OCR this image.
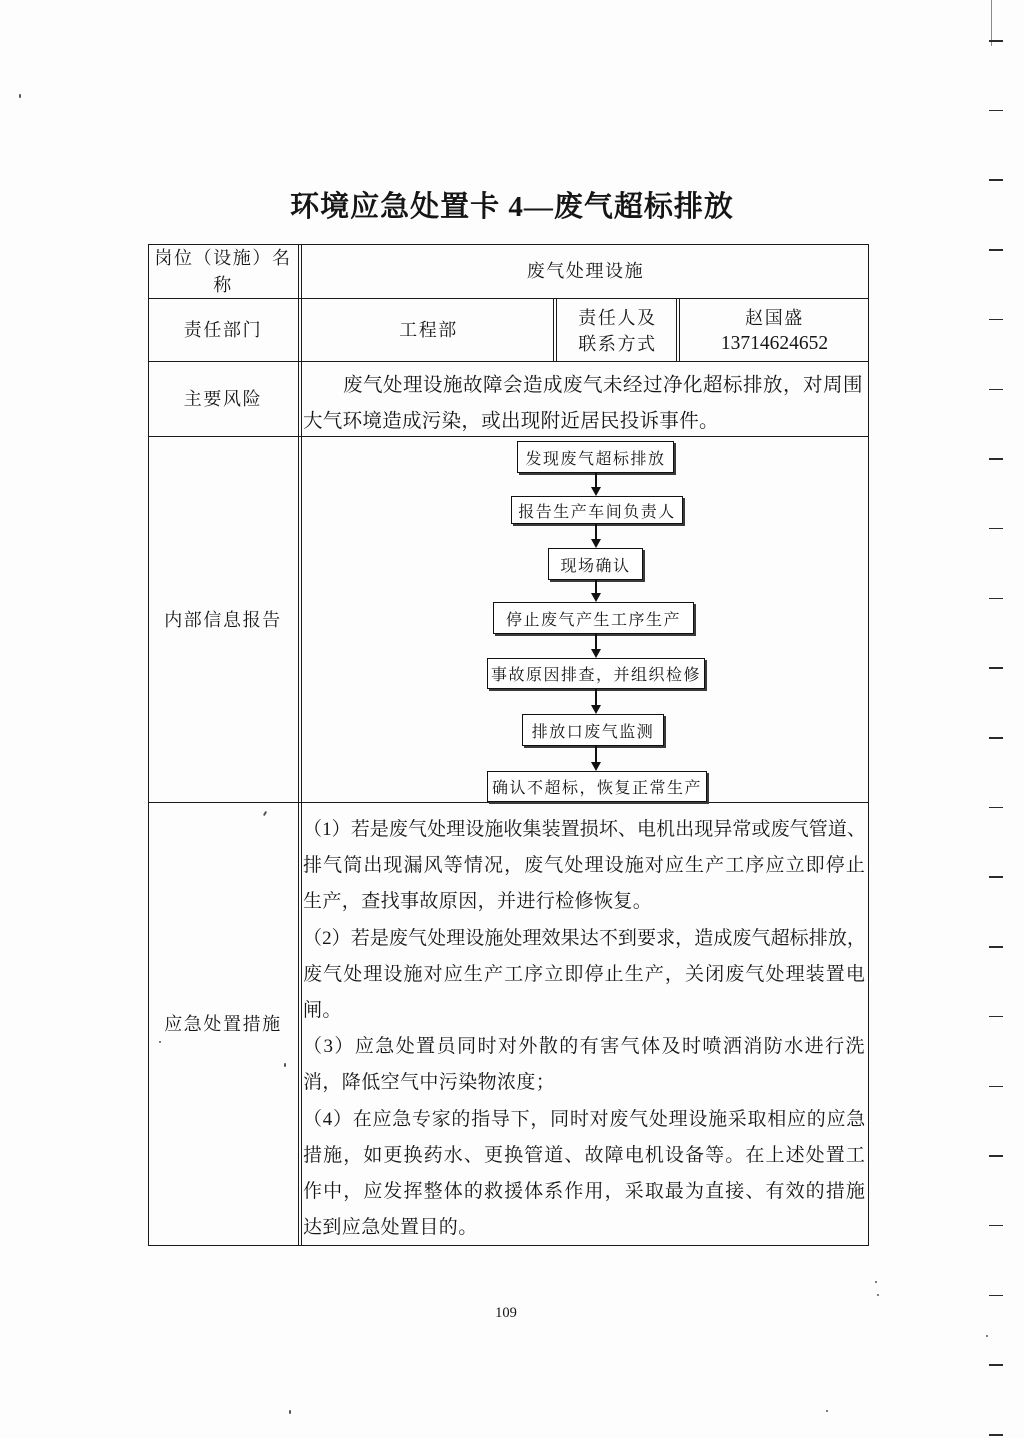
环境应急处置卡 4—废气超标排放
岗位（设施）名
称
废气处理设施
责任部门	工程部
责任人及
联系方式
赵国盛
13714624652
主要风险
废气处理设施故障会造成废气未经过净化超标排放，对周围
大气环境造成污染，或出现附近居民投诉事件。
内部信息报告
发现废气超标排放
报告生产车间负责人
现场确认
停止废气产生工序生产
事故原因排查，并组织检修
排放口废气监测
确认不超标，恢复正常生产
应急处置措施
（1）若是废气处理设施收集装置损坏、电机出现异常或废气管道、
排气筒出现漏风等情况，废气处理设施对应生产工序应立即停止
生产，查找事故原因，并进行检修恢复。
（2）若是废气处理设施处理效果达不到要求，造成废气超标排放，
废气处理设施对应生产工序立即停止生产，关闭废气处理装置电
闸。
（3）应急处置员同时对外散的有害气体及时喷洒消防水进行洗
消，降低空气中污染物浓度；
（4）在应急专家的指导下，同时对废气处理设施采取相应的应急
措施，如更换药水、更换管道、故障电机设备等。在上述处置工
作中，应发挥整体的救援体系作用，采取最为直接、有效的措施
达到应急处置目的。
109
